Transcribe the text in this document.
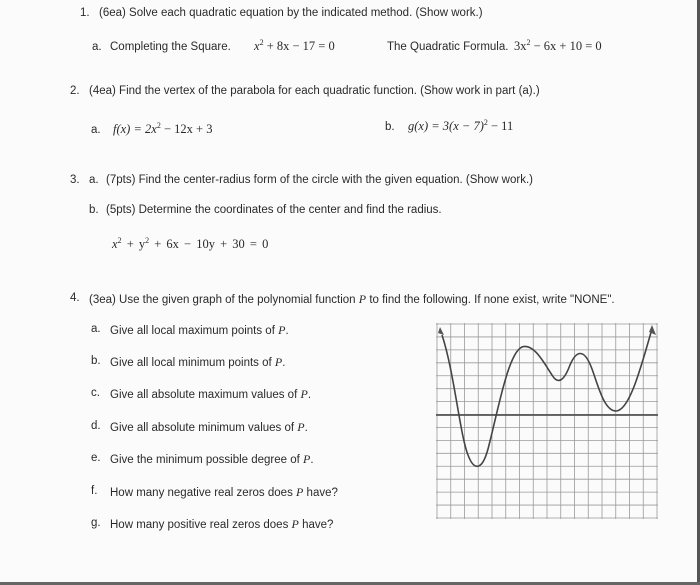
1. (6ea) Solve each quadratic equation by the indicated method. (Show work.)
a. Completing the Square. $x^2 + 8x - 17 = 0$	The Quadratic Formula. $3x^2 - 6x + 10 = 0$
2. (4ea) Find the vertex of the parabola for each quadratic function. (Show work in part (a).)
a. $f(x) = 2x^2 - 12x + 3$	b. $g(x) = 3(x - 7)^2 - 11$
3. a. (7pts) Find the center-radius form of the circle with the given equation. (Show work.)
b. (5pts) Determine the coordinates of the center and find the radius.
$x^2 + y^2 + 6x - 10y + 30 = 0$
4. (3ea) Use the given graph of the polynomial function P to find the following. If none exist, write "NONE".
a. Give all local maximum points of P.
b. Give all local minimum points of P.
c. Give all absolute maximum values of P.
d. Give all absolute minimum values of P.
e. Give the minimum possible degree of P.
f. How many negative real zeros does P have?
g. How many positive real zeros does P have?
